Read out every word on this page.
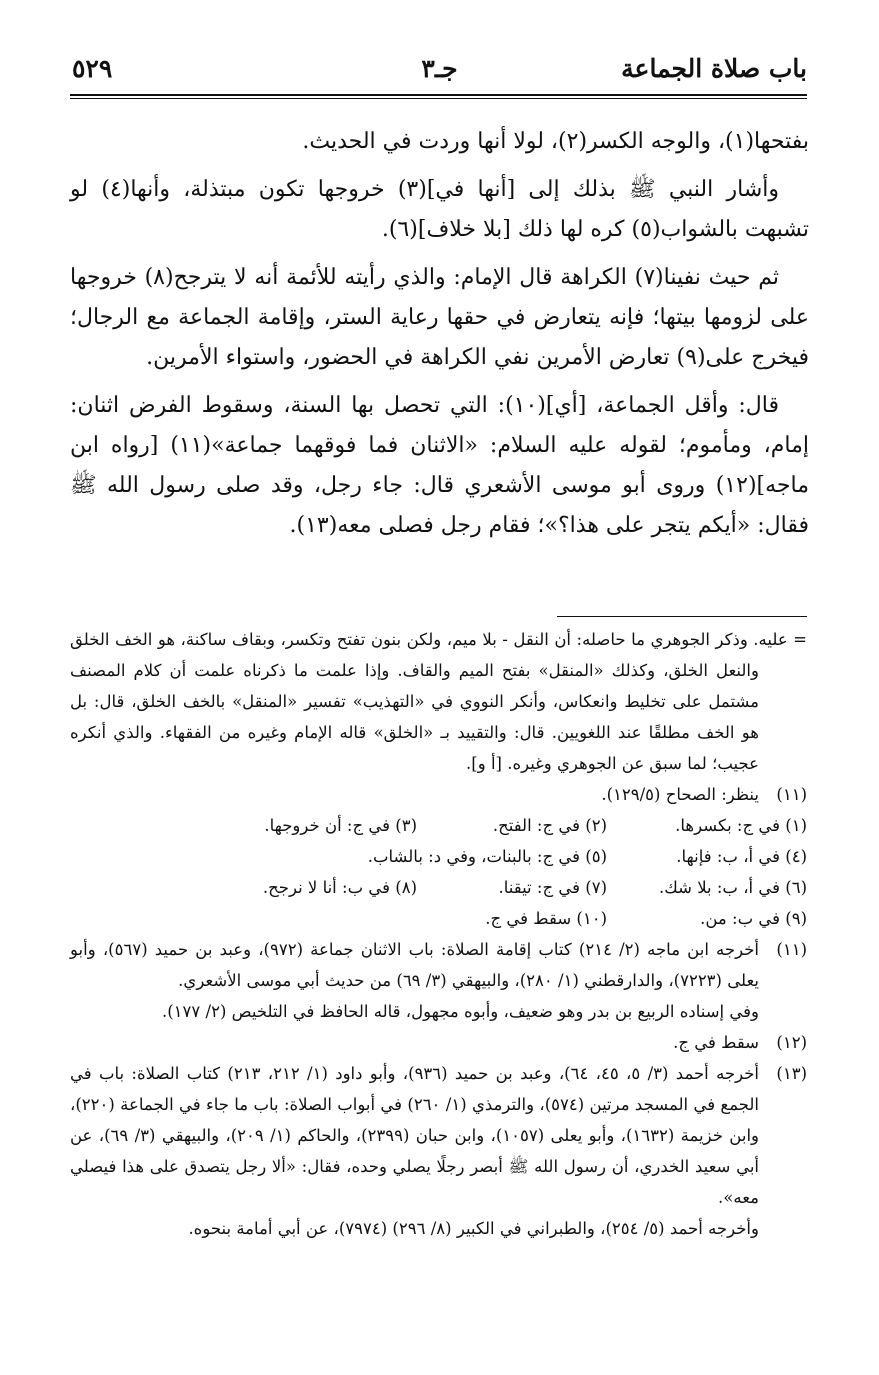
باب صلاة الجماعة
جـ٣
٥٢٩

بفتحها(١)، والوجه الكسر(٢)، لولا أنها وردت في الحديث.

وأشار النبي ﷺ بذلك إلى [أنها في](٣) خروجها تكون مبتذلة، وأنها(٤) لو تشبهت بالشواب(٥) كره لها ذلك [بلا خلاف](٦).

ثم حيث نفينا(٧) الكراهة قال الإمام: والذي رأيته للأئمة أنه لا يترجح(٨) خروجها على لزومها بيتها؛ فإنه يتعارض في حقها رعاية الستر، وإقامة الجماعة مع الرجال؛ فيخرج على(٩) تعارض الأمرين نفي الكراهة في الحضور، واستواء الأمرين.

قال: وأقل الجماعة، [أي](١٠): التي تحصل بها السنة، وسقوط الفرض اثنان: إمام، ومأموم؛ لقوله عليه السلام: «الاثنان فما فوقهما جماعة»(١١) [رواه ابن ماجه](١٢) وروى أبو موسى الأشعري قال: جاء رجل، وقد صلى رسول الله ﷺ فقال: «أيكم يتجر على هذا؟»؛ فقام رجل فصلى معه(١٣).

= عليه. وذكر الجوهري ما حاصله: أن النقل - بلا ميم، ولكن بنون تفتح وتكسر، وبقاف ساكنة، هو الخف الخلق والنعل الخلق، وكذلك «المنقل» بفتح الميم والقاف. وإذا علمت ما ذكرناه علمت أن كلام المصنف مشتمل على تخليط وانعكاس، وأنكر النووي في «التهذيب» تفسير «المنقل» بالخف الخلق، قال: بل هو الخف مطلقًا عند اللغويين. قال: والتقييد بـ «الخلق» قاله الإمام وغيره من الفقهاء. والذي أنكره عجيب؛ لما سبق عن الجوهري وغيره. [أ و].

(١١)
ينظر: الصحاح (١٢٩/٥).
(١) في ج: بكسرها.
(٢) في ج: الفتح.
(٣) في ج: أن خروجها.
(٤) في أ، ب: فإنها.
(٥) في ج: بالبنات، وفي د: بالشاب.
(٦) في أ، ب: بلا شك.
(٧) في ج: تيقنا.
(٨) في ب: أنا لا نرجح.
(٩) في ب: من.
(١٠) سقط في ج.
(١١)
أخرجه ابن ماجه (٢/ ٢١٤) كتاب إقامة الصلاة: باب الاثنان جماعة (٩٧٢)، وعبد بن حميد (٥٦٧)، وأبو يعلى (٧٢٢٣)، والدارقطني (١/ ٢٨٠)، والبيهقي (٣/ ٦٩) من حديث أبي موسى الأشعري.
وفي إسناده الربيع بن بدر وهو ضعيف، وأبوه مجهول، قاله الحافظ في التلخيص (٢/ ١٧٧).
(١٢)
سقط في ج.
(١٣)
أخرجه أحمد (٣/ ٥، ٤٥، ٦٤)، وعبد بن حميد (٩٣٦)، وأبو داود (١/ ٢١٢، ٢١٣) كتاب الصلاة: باب في الجمع في المسجد مرتين (٥٧٤)، والترمذي (١/ ٢٦٠) في أبواب الصلاة: باب ما جاء في الجماعة (٢٢٠)، وابن خزيمة (١٦٣٢)، وأبو يعلى (١٠٥٧)، وابن حبان (٢٣٩٩)، والحاكم (١/ ٢٠٩)، والبيهقي (٣/ ٦٩)، عن أبي سعيد الخدري، أن رسول الله ﷺ أبصر رجلًا يصلي وحده، فقال: «ألا رجل يتصدق على هذا فيصلي معه».
وأخرجه أحمد (٥/ ٢٥٤)، والطبراني في الكبير (٨/ ٢٩٦) (٧٩٧٤)، عن أبي أمامة بنحوه.
